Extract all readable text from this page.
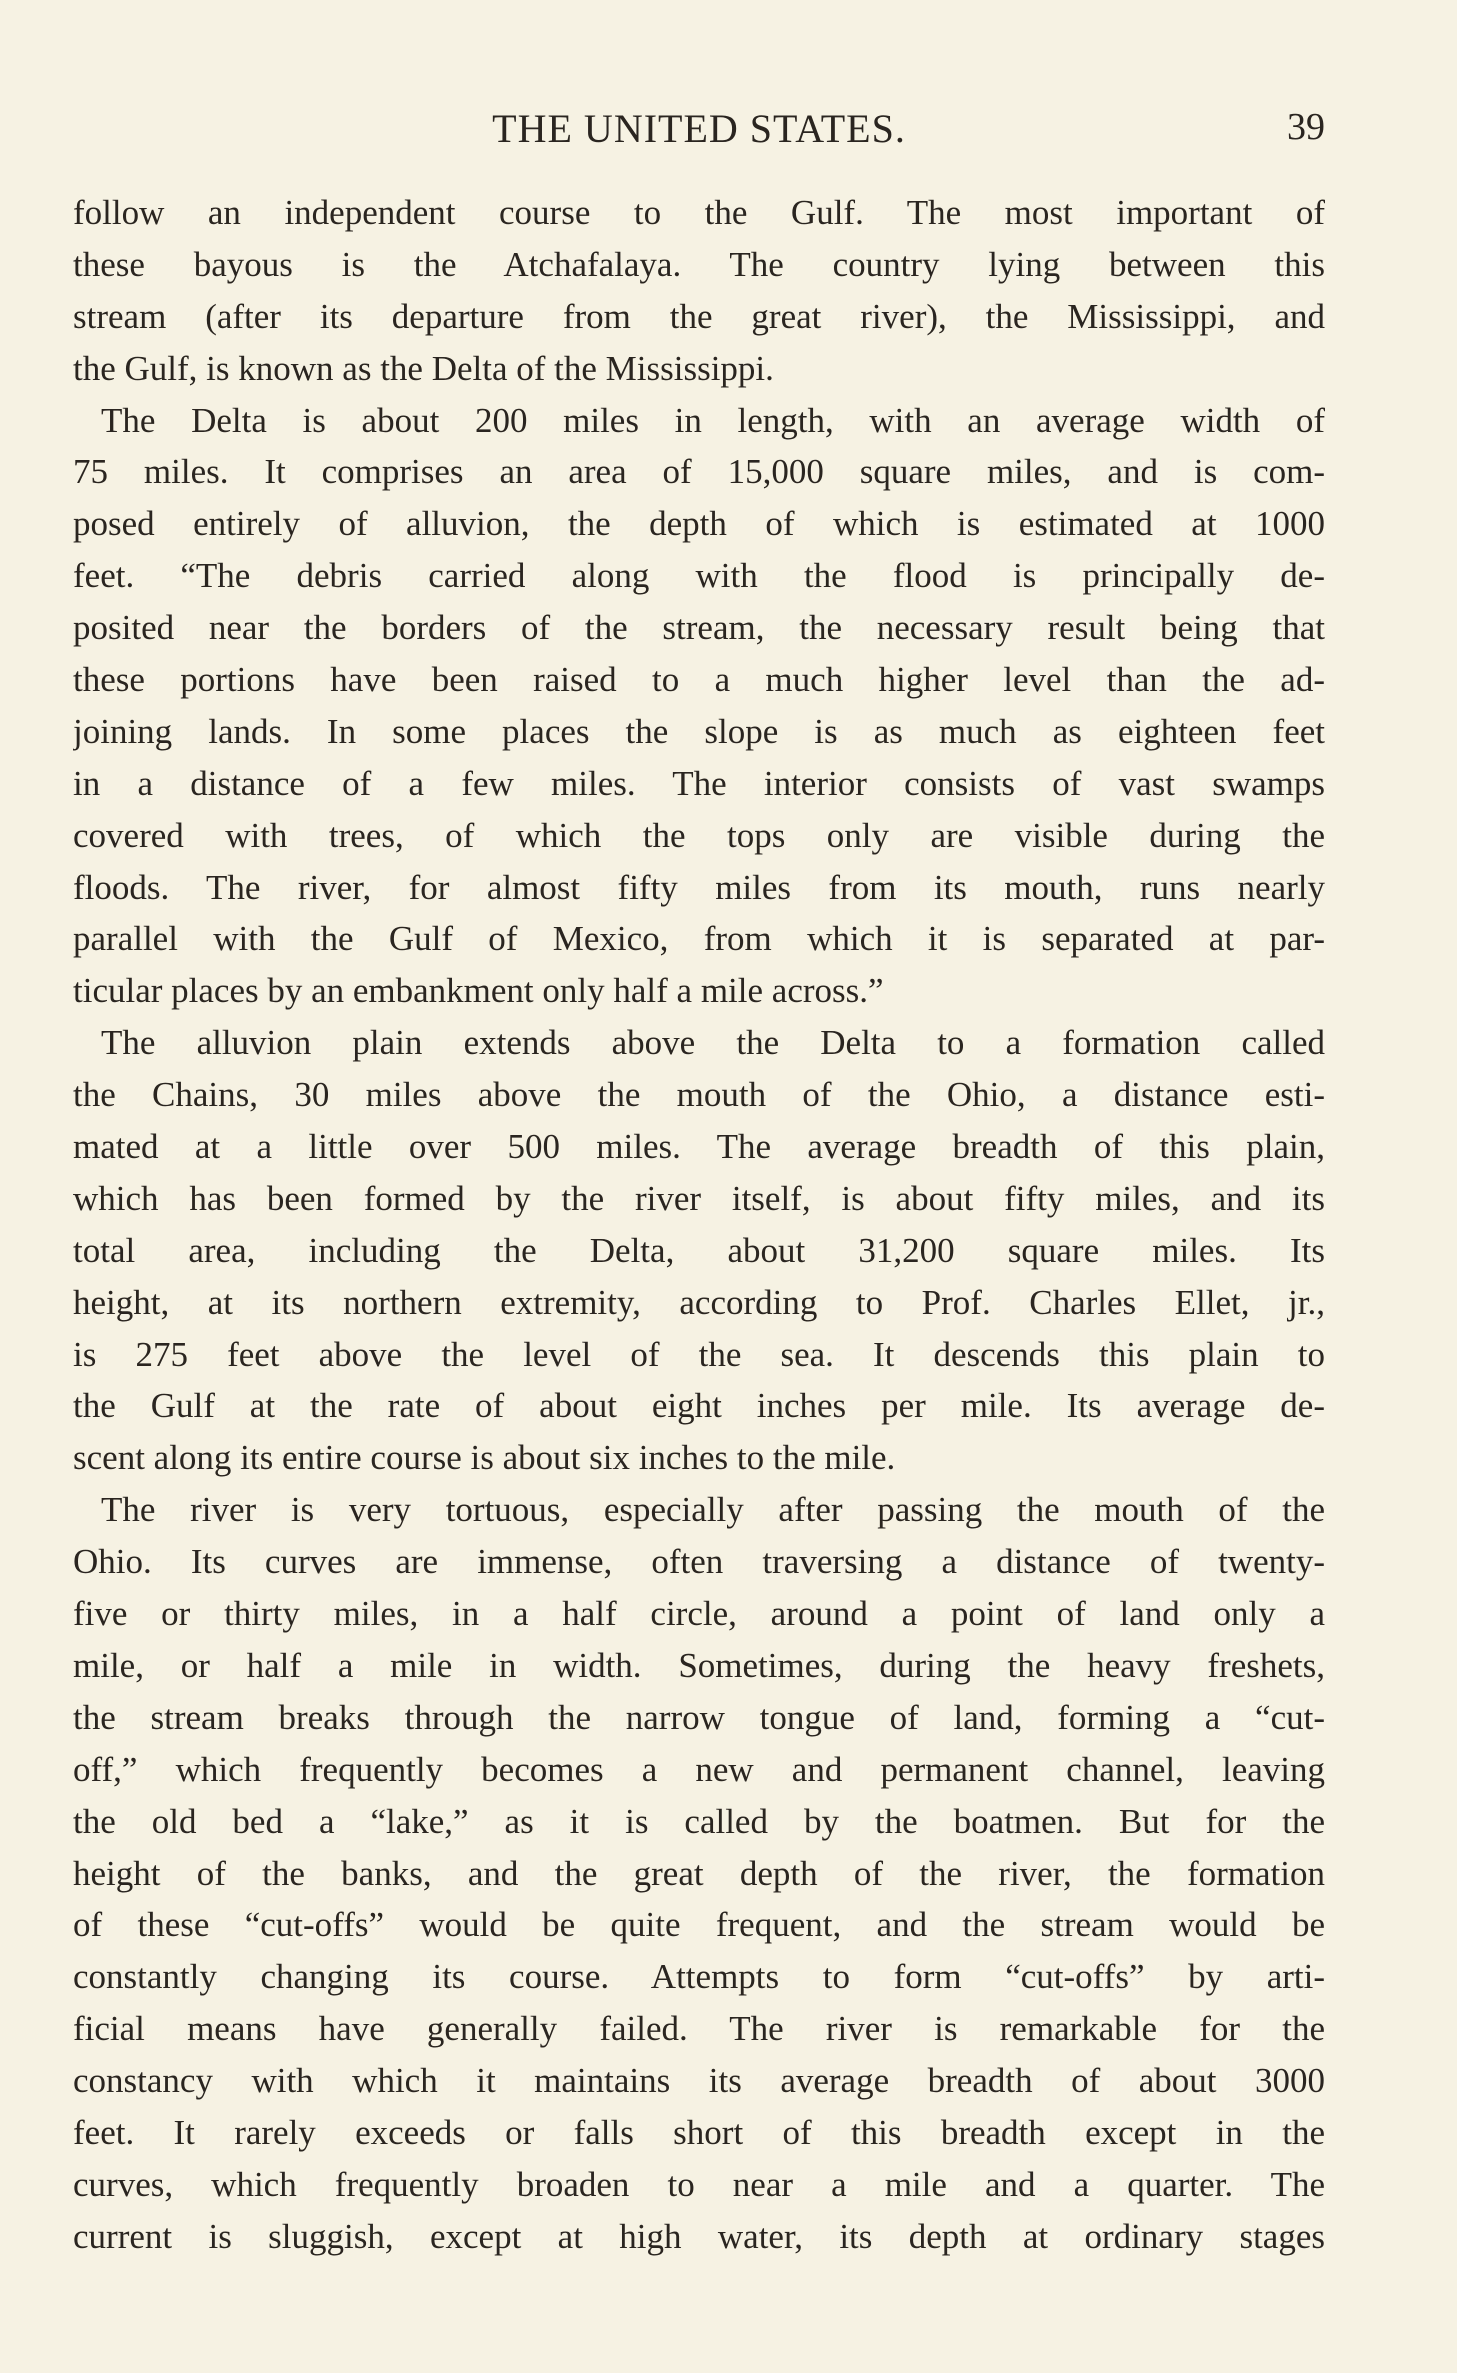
THE UNITED STATES.	39
follow an independent course to the Gulf. The most important of
these bayous is the Atchafalaya. The country lying between this
stream (after its departure from the great river), the Mississippi, and
the Gulf, is known as the Delta of the Mississippi.
The Delta is about 200 miles in length, with an average width of
75 miles. It comprises an area of 15,000 square miles, and is com-
posed entirely of alluvion, the depth of which is estimated at 1000
feet. “The debris carried along with the flood is principally de-
posited near the borders of the stream, the necessary result being that
these portions have been raised to a much higher level than the ad-
joining lands. In some places the slope is as much as eighteen feet
in a distance of a few miles. The interior consists of vast swamps
covered with trees, of which the tops only are visible during the
floods. The river, for almost fifty miles from its mouth, runs nearly
parallel with the Gulf of Mexico, from which it is separated at par-
ticular places by an embankment only half a mile across.”
The alluvion plain extends above the Delta to a formation called
the Chains, 30 miles above the mouth of the Ohio, a distance esti-
mated at a little over 500 miles. The average breadth of this plain,
which has been formed by the river itself, is about fifty miles, and its
total area, including the Delta, about 31,200 square miles. Its
height, at its northern extremity, according to Prof. Charles Ellet, jr.,
is 275 feet above the level of the sea. It descends this plain to
the Gulf at the rate of about eight inches per mile. Its average de-
scent along its entire course is about six inches to the mile.
The river is very tortuous, especially after passing the mouth of the
Ohio. Its curves are immense, often traversing a distance of twenty-
five or thirty miles, in a half circle, around a point of land only a
mile, or half a mile in width. Sometimes, during the heavy freshets,
the stream breaks through the narrow tongue of land, forming a “cut-
off,” which frequently becomes a new and permanent channel, leaving
the old bed a “lake,” as it is called by the boatmen. But for the
height of the banks, and the great depth of the river, the formation
of these “cut-offs” would be quite frequent, and the stream would be
constantly changing its course. Attempts to form “cut-offs” by arti-
ficial means have generally failed. The river is remarkable for the
constancy with which it maintains its average breadth of about 3000
feet. It rarely exceeds or falls short of this breadth except in the
curves, which frequently broaden to near a mile and a quarter. The
current is sluggish, except at high water, its depth at ordinary stages
